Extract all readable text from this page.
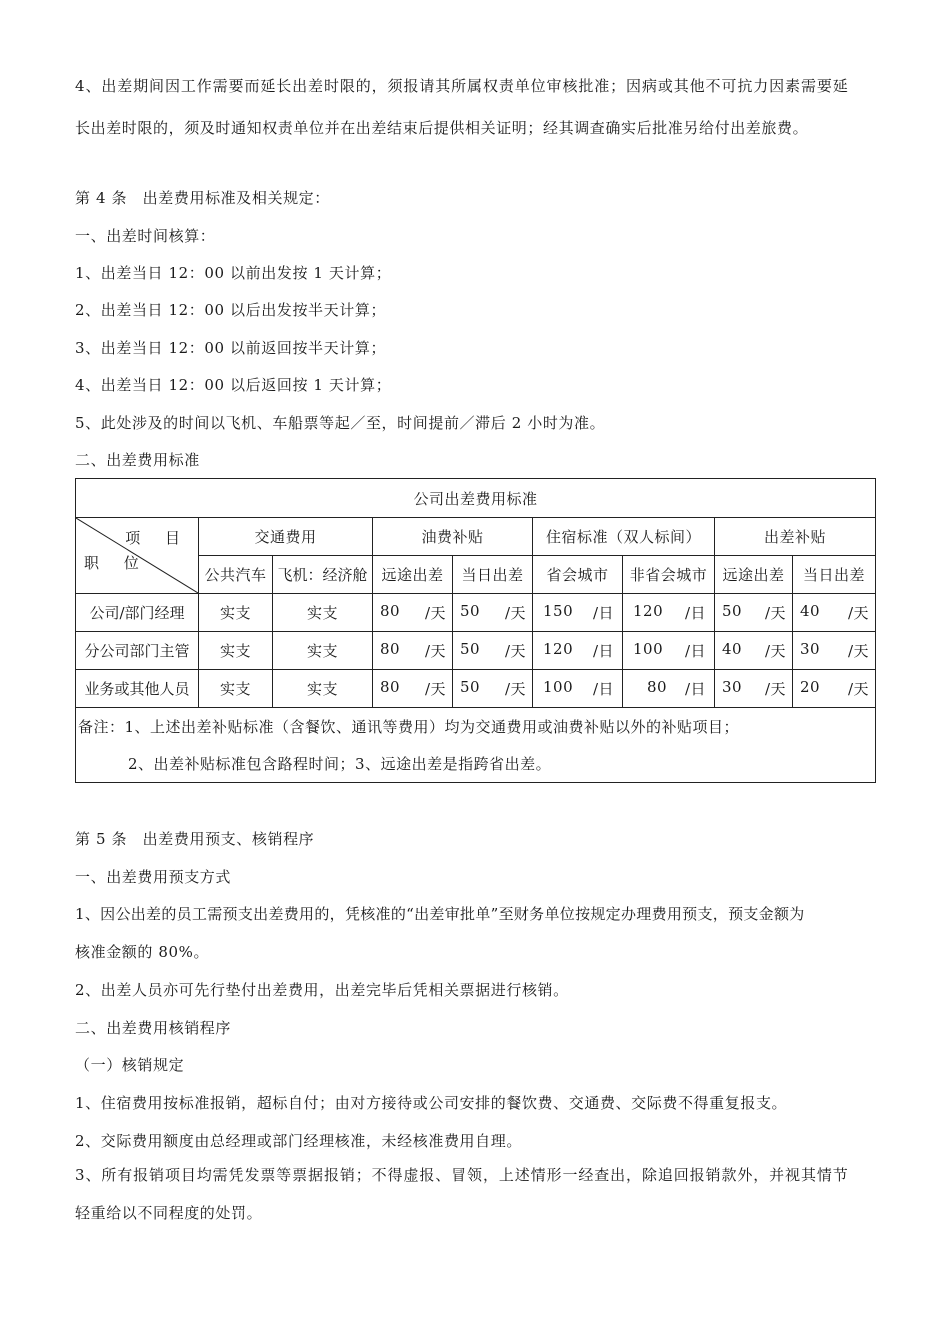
4、出差期间因工作需要而延长出差时限的，须报请其所属权责单位审核批准；因病或其他不可抗力因素需要延
长出差时限的，须及时通知权责单位并在出差结束后提供相关证明；经其调查确实后批准另给付出差旅费。
第 4 条　出差费用标准及相关规定：
一、出差时间核算：
1、出差当日 12：00 以前出发按 1 天计算；
2、出差当日 12：00 以后出发按半天计算；
3、出差当日 12：00 以前返回按半天计算；
4、出差当日 12：00 以后返回按 1 天计算；
5、此处涉及的时间以飞机、车船票等起／至，时间提前／滞后 2 小时为准。
二、出差费用标准
公司出差费用标准								

项 目
职 位	交通费用		油费补贴		住宿标准（双人标间）		出差补贴	
	公共汽车	飞机：经济舱	远途出差	当日出差	省会城市	非省会城市	远途出差	当日出差
公司/部门经理	实支	实支	80 /天	50 /天	150 /日	120 /日	50 /天	40 /天

分公司部门主管	实支	实支	80 /天	50 /天	120 /日	100 /日	40 /天	30 /天

业务或其他人员	实支	实支	80 /天	50 /天	100 /日	80 /日	30 /天	20 /天

备注：1、上述出差补贴标准（含餐饮、通讯等费用）均为交通费用或油费补贴以外的补贴项目；								
2、出差补贴标准包含路程时间；3、远途出差是指跨省出差。								
第 5 条　出差费用预支、核销程序
一、出差费用预支方式
1、因公出差的员工需预支出差费用的，凭核准的“出差审批单”至财务单位按规定办理费用预支，预支金额为
核准金额的 80%。
2、出差人员亦可先行垫付出差费用，出差完毕后凭相关票据进行核销。
二、出差费用核销程序
（一）核销规定
1、住宿费用按标准报销，超标自付；由对方接待或公司安排的餐饮费、交通费、交际费不得重复报支。
2、交际费用额度由总经理或部门经理核准，未经核准费用自理。
3、所有报销项目均需凭发票等票据报销；不得虚报、冒领，上述情形一经查出，除追回报销款外，并视其情节
轻重给以不同程度的处罚。
